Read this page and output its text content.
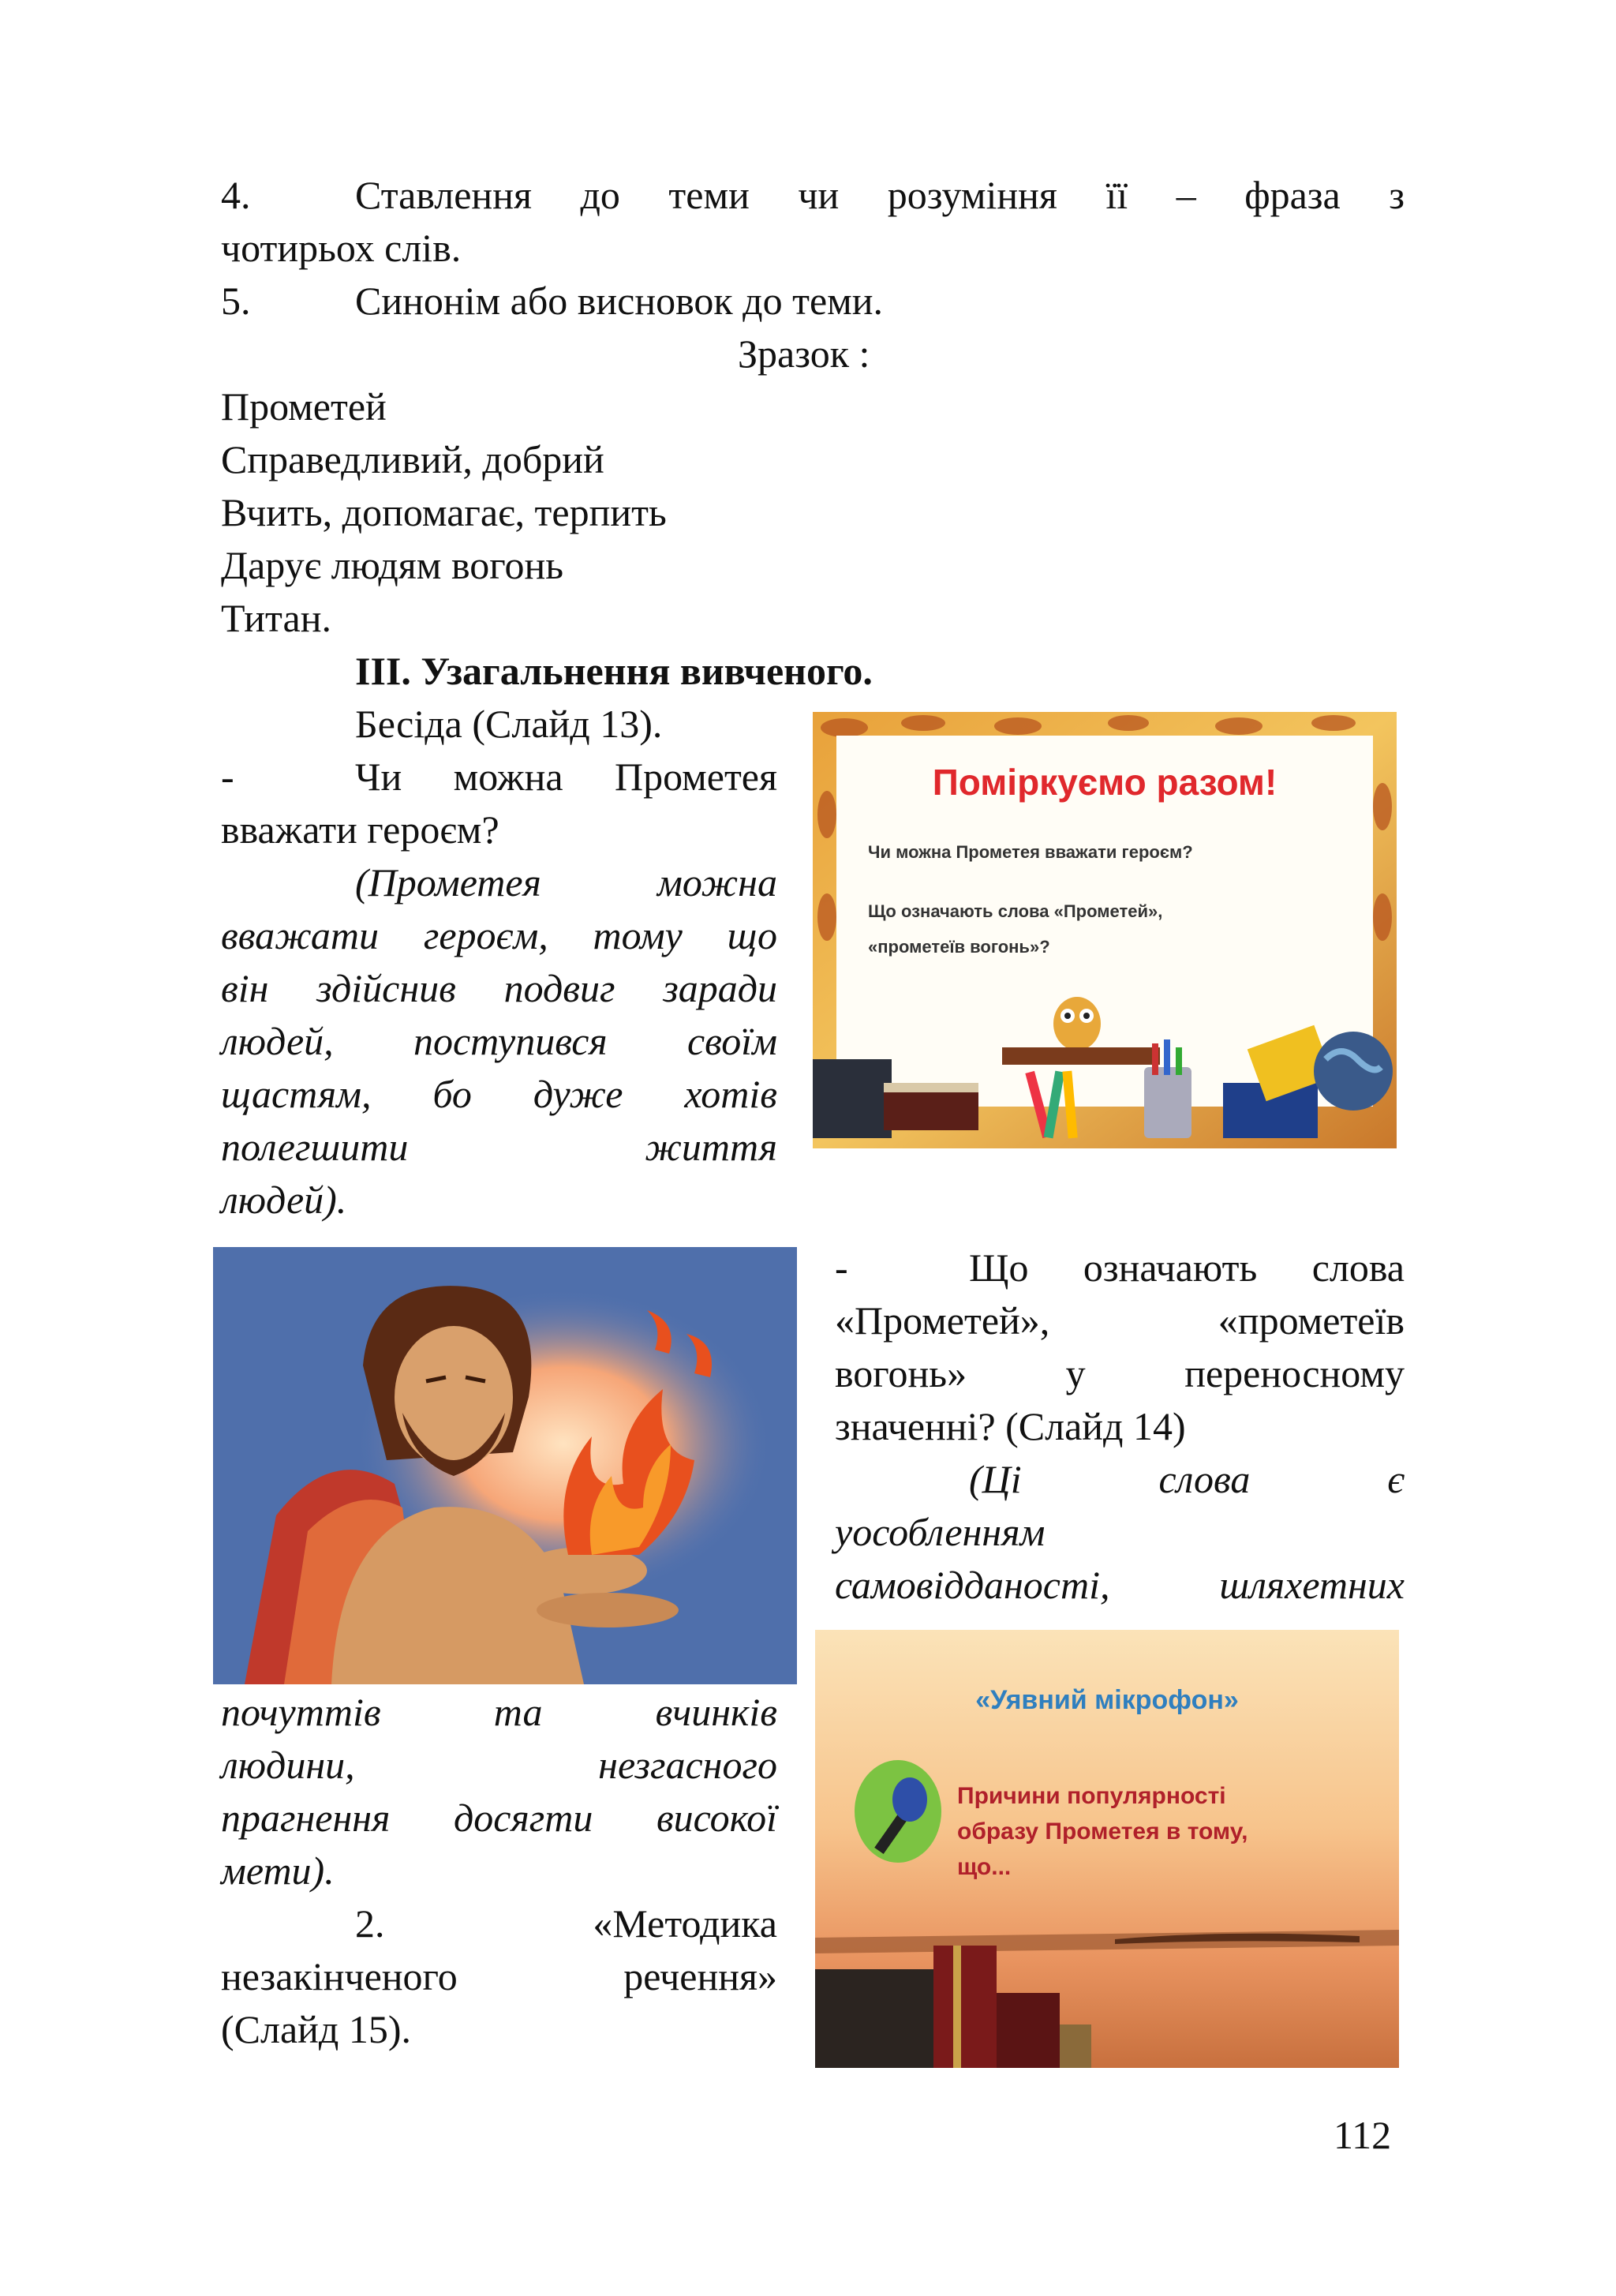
4.	Ставлення до теми чи розуміння її – фраза з
чотирьох слів.
5.	Синонім або висновок до теми.
Зразок :
Прометей
Справедливий, добрий
Вчить, допомагає, терпить
Дарує людям вогонь
Титан.
ІІІ. Узагальнення вивченого.
Бесіда (Слайд 13).
-	Чи можна Прометея
вважати героєм?
(Прометея можна
вважати героєм, тому що
він здійснив подвиг заради
людей, поступився своїм
щастям, бо дуже хотів
полегшити життя
людей).
Поміркуємо разом!
Чи можна Прометея вважати героєм?
Що означають слова «Прометей»,
«прометеїв вогонь»?
-	Що означають слова
«Прометей», «прометеїв
вогонь» у переносному
значенні? (Слайд 14)
(Ці слова є
уособленням
самовідданості, шляхетних
«Уявний мікрофон»
Причини популярності
образу Прометея в тому,
що...
почуттів та вчинків
людини, незгасного
прагнення досягти високої
мети).
2. «Методика
незакінченого речення»
(Слайд 15).
112
